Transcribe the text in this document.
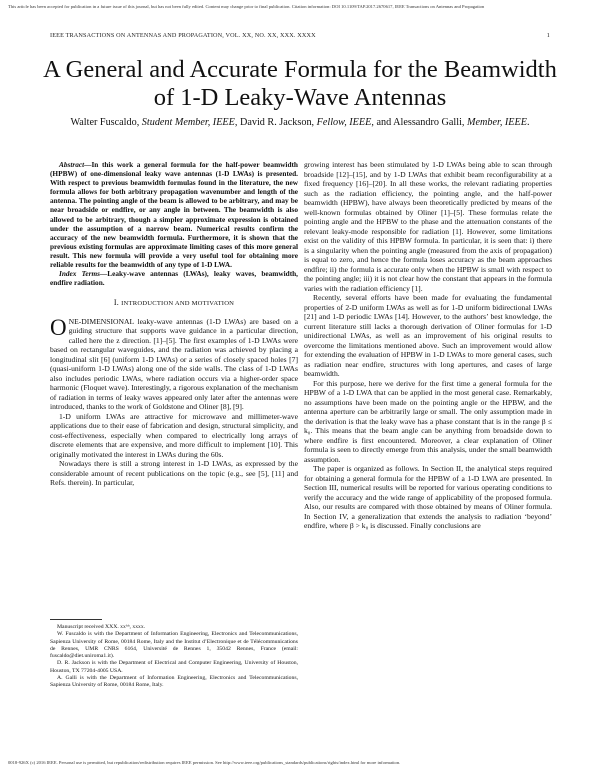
This article has been accepted for publication in a future issue of this journal, but has not been fully edited. Content may change prior to final publication. Citation information: DOI 10.1109/TAP.2017.2670617, IEEE Transactions on Antennas and Propagation
IEEE TRANSACTIONS ON ANTENNAS AND PROPAGATION, VOL. XX, NO. XX, XXX. XXXX	1
A General and Accurate Formula for the Beamwidth of 1-D Leaky-Wave Antennas
Walter Fuscaldo, Student Member, IEEE, David R. Jackson, Fellow, IEEE, and Alessandro Galli, Member, IEEE.

Abstract—In this work a general formula for the half-power beamwidth (HPBW) of one-dimensional leaky wave antennas (1-D LWAs) is presented. With respect to previous beamwidth formulas found in the literature, the new formula allows for both arbitrary propagation wavenumber and length of the antenna. The pointing angle of the beam is allowed to be arbitrary, and may be near broadside or endfire, or any angle in between. The beamwidth is also allowed to be arbitrary, though a simpler approximate expression is obtained under the assumption of a narrow beam. Numerical results confirm the accuracy of the new beamwidth formula. Furthermore, it is shown that the previous existing formulas are approximate limiting cases of this more general result. This new formula will provide a very useful tool for obtaining more reliable results for the beamwidth of any type of 1-D LWA.

Index Terms—Leaky-wave antennas (LWAs), leaky waves, beamwidth, endfire radiation.

I. INTRODUCTION AND MOTIVATION

ONE-DIMENSIONAL leaky-wave antennas (1-D LWAs) are based on a guiding structure that supports wave guidance in a particular direction, called here the z direction. [1]–[5]. The first examples of 1-D LWAs were based on rectangular waveguides, and the radiation was achieved by placing a longitudinal slit [6] (uniform 1-D LWAs) or a series of closely spaced holes [7] (quasi-uniform 1-D LWAs) along one of the side walls. The class of 1-D LWAs also includes periodic LWAs, where radiation occurs via a higher-order space harmonic (Floquet wave). Interestingly, a rigorous explanation of the mechanism of radiation in terms of leaky waves appeared only later after the antennas were introduced, thanks to the work of Goldstone and Oliner [8], [9].

1-D uniform LWAs are attractive for microwave and millimeter-wave applications due to their ease of fabrication and design, structural simplicity, and cost-effectiveness, especially when compared to electrically long arrays of discrete elements that are expensive, and more difficult to implement [10]. This originally motivated the interest in LWAs during the 60s.

Nowadays there is still a strong interest in 1-D LWAs, as expressed by the considerable amount of recent publications on the topic (e.g., see [5], [11] and Refs. therein). In particular,

Manuscript received XXX. xxʰʰ, xxxx.

W. Fuscaldo is with the Department of Information Engineering, Electronics and Telecommunications, Sapienza University of Rome, 00184 Rome, Italy and the Institut d’Electronique et de Télécommunications de Rennes, UMR CNRS 6164, Université de Rennes 1, 35042 Rennes, France (email: fuscaldo@diet.uniroma1.it).

D. R. Jackson is with the Department of Electrical and Computer Engineering, University of Houston, Houston, TX 77204-4005 USA.

A. Galli is with the Department of Information Engineering, Electronics and Telecommunications, Sapienza University of Rome, 00184 Rome, Italy.

growing interest has been stimulated by 1-D LWAs being able to scan through broadside [12]–[15], and by 1-D LWAs that exhibit beam reconfigurability at a fixed frequency [16]–[20]. In all these works, the relevant radiating properties such as the radiation efficiency, the pointing angle, and the half-power beamwidth (HPBW), have always been theoretically predicted by means of the well-known formulas obtained by Oliner [1]–[5]. These formulas relate the pointing angle and the HPBW to the phase and the attenuation constants of the relevant leaky-mode responsible for radiation [1]. However, some limitations exist on the validity of this HPBW formula. In particular, it is seen that: i) there is a singularity when the pointing angle (measured from the axis of propagation) is equal to zero, and hence the formula loses accuracy as the beam approaches endfire; ii) the formula is accurate only when the HPBW is small with respect to the pointing angle; iii) it is not clear how the constant that appears in the formula varies with the radiation efficiency [1].

Recently, several efforts have been made for evaluating the fundamental properties of 2-D uniform LWAs as well as for 1-D uniform bidirectional LWAs [21] and 1-D periodic LWAs [14]. However, to the authors’ best knowledge, the current literature still lacks a thorough derivation of Oliner formulas for 1-D unidirectional LWAs, as well as an improvement of his original results to overcome the limitations mentioned above. Such an improvement would allow for extending the evaluation of HPBW in 1-D LWAs to more general cases, such as radiation near endfire, structures with long apertures, and cases of large beamwidth.

For this purpose, here we derive for the first time a general formula for the HPBW of a 1-D LWA that can be applied in the most general case. Remarkably, no assumptions have been made on the pointing angle or the HPBW, and the antenna aperture can be arbitrarily large or small. The only assumption made in the derivation is that the leaky wave has a phase constant that is in the range β ≤ k₀. This means that the beam angle can be anything from broadside down to where endfire is first encountered. Moreover, a clear explanation of Oliner formula is seen to directly emerge from this analysis, under the small beamwidth assumption.

The paper is organized as follows. In Section II, the analytical steps required for obtaining a general formula for the HPBW of a 1-D LWA are presented. In Section III, numerical results will be reported for various operating conditions to verify the accuracy and the wide range of applicability of the proposed formula. Also, our results are compared with those obtained by means of Oliner formula. In Section IV, a generalization that extends the analysis to radiation ‘beyond’ endfire, where β > k₀ is discussed. Finally conclusions are

0018-926X (c) 2016 IEEE. Personal use is permitted, but republication/redistribution requires IEEE permission. See http://www.ieee.org/publications_standards/publications/rights/index.html for more information.
